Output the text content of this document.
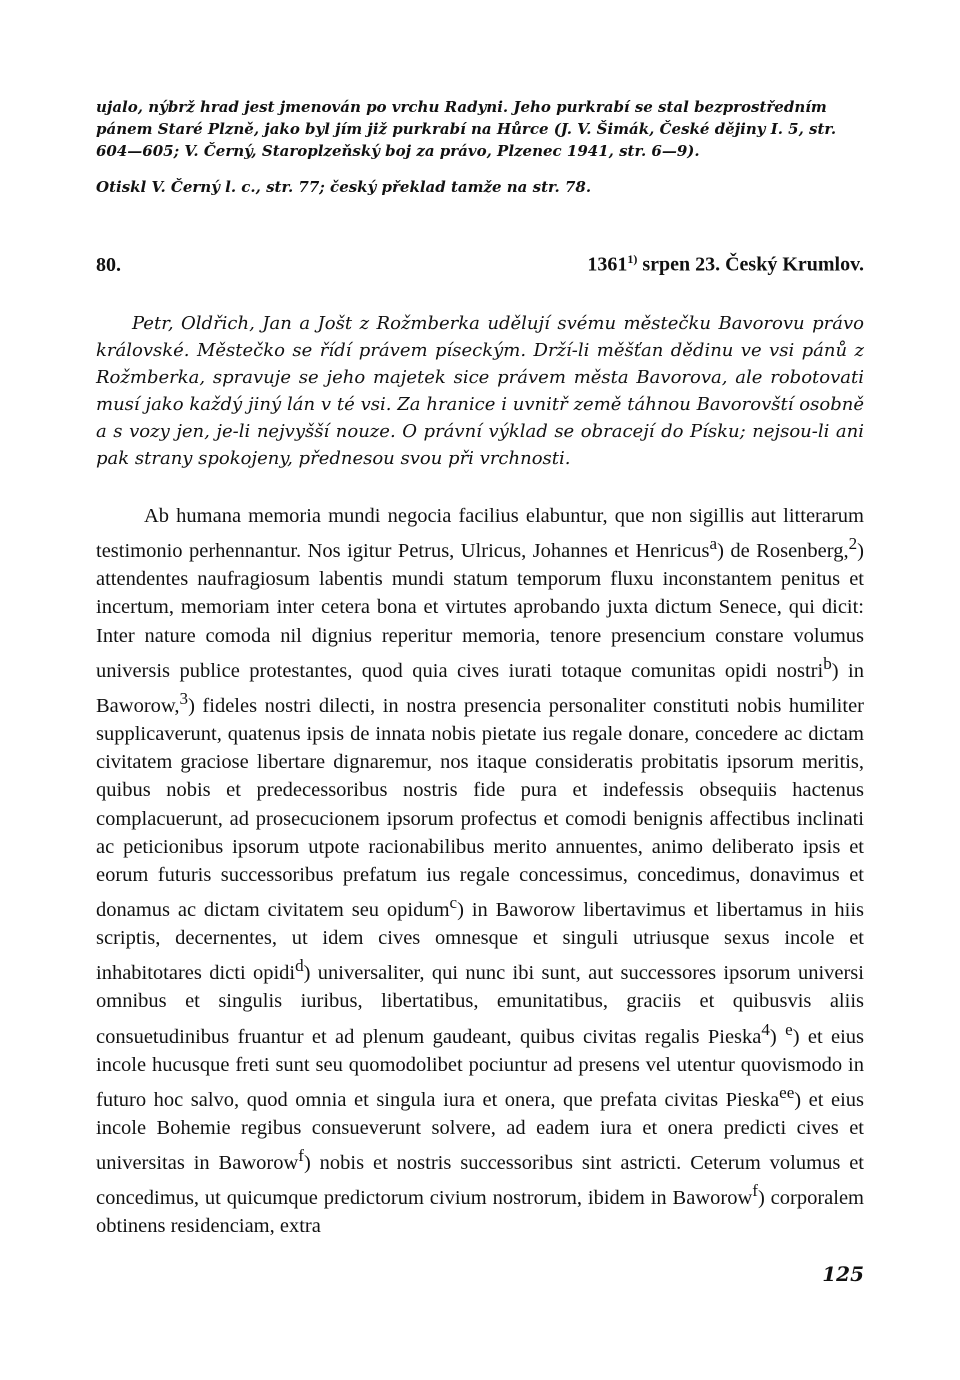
ujalo, nýbrž hrad jest jmenován po vrchu Radyni. Jeho purkrabí se stal bezprostředním pánem Staré Plzně, jako byl jím již purkrabí na Hůrce (J. V. Šimák, České dějiny I. 5, str. 604—605; V. Černý, Staroplzeňský boj za právo, Plzenec 1941, str. 6—9).

Otiskl V. Černý l. c., str. 77; český překlad tamže na str. 78.

80.	1361$^{1)}$ srpen 23. Český Krumlov.

Petr, Oldřich, Jan a Jošt z Rožmberka udělují svému městečku Bavorovu právo královské. Městečko se řídí právem píseckým. Drží-li měšťan dědinu ve vsi pánů z Rožmberka, spravuje se jeho majetek sice právem města Bavorova, ale robotovati musí jako každý jiný lán v té vsi. Za hranice i uvnitř země táhnou Bavorovští osobně a s vozy jen, je-li nejvyšší nouze. O právní výklad se obracejí do Písku; nejsou-li ani pak strany spokojeny, přednesou svou při vrchnosti.

Ab humana memoria mundi negocia facilius elabuntur, que non sigillis aut litterarum testimonio perhennantur. Nos igitur Petrus, Ulricus, Johannes et Henricus$^a$) de Rosenberg,$^2$) attendentes naufragiosum labentis mundi statum temporum fluxu inconstantem penitus et incertum, memoriam inter cetera bona et virtutes aprobando juxta dictum Senece, qui dicit: Inter nature comoda nil dignius reperitur memoria, tenore presencium constare volumus universis publice protestantes, quod quia cives iurati totaque comunitas opidi nostri$^b$) in Baworow,$^3$) fideles nostri dilecti, in nostra presencia personaliter constituti nobis humiliter supplicaverunt, quatenus ipsis de innata nobis pietate ius regale donare, concedere ac dictam civitatem graciose libertare dignaremur, nos itaque consideratis probitatis ipsorum meritis, quibus nobis et predecessoribus nostris fide pura et indefessis obsequiis hactenus complacuerunt, ad prosecucionem ipsorum profectus et comodi benignis affectibus inclinati ac peticionibus ipsorum utpote racionabilibus merito annuentes, animo deliberato ipsis et eorum futuris successoribus prefatum ius regale concessimus, concedimus, donavimus et donamus ac dictam civitatem seu opidum$^c$) in Baworow libertavimus et libertamus in hiis scriptis, decernentes, ut idem cives omnesque et singuli utriusque sexus incole et inhabitotares dicti opidi$^d$) universaliter, qui nunc ibi sunt, aut successores ipsorum universi omnibus et singulis iuribus, libertatibus, emunitatibus, graciis et quibusvis aliis consuetudinibus fruantur et ad plenum gaudeant, quibus civitas regalis Pieska$^4$) $^e$) et eius incole hucusque freti sunt seu quomodolibet pociuntur ad presens vel utentur quovismodo in futuro hoc salvo, quod omnia et singula iura et onera, que prefata civitas Pieska$^{ee}$) et eius incole Bohemie regibus consueverunt solvere, ad eadem iura et onera predicti cives et universitas in Baworow$^f$) nobis et nostris successoribus sint astricti. Ceterum volumus et concedimus, ut quicumque predictorum civium nostrorum, ibidem in Baworow$^f$) corporalem obtinens residenciam, extra

125
